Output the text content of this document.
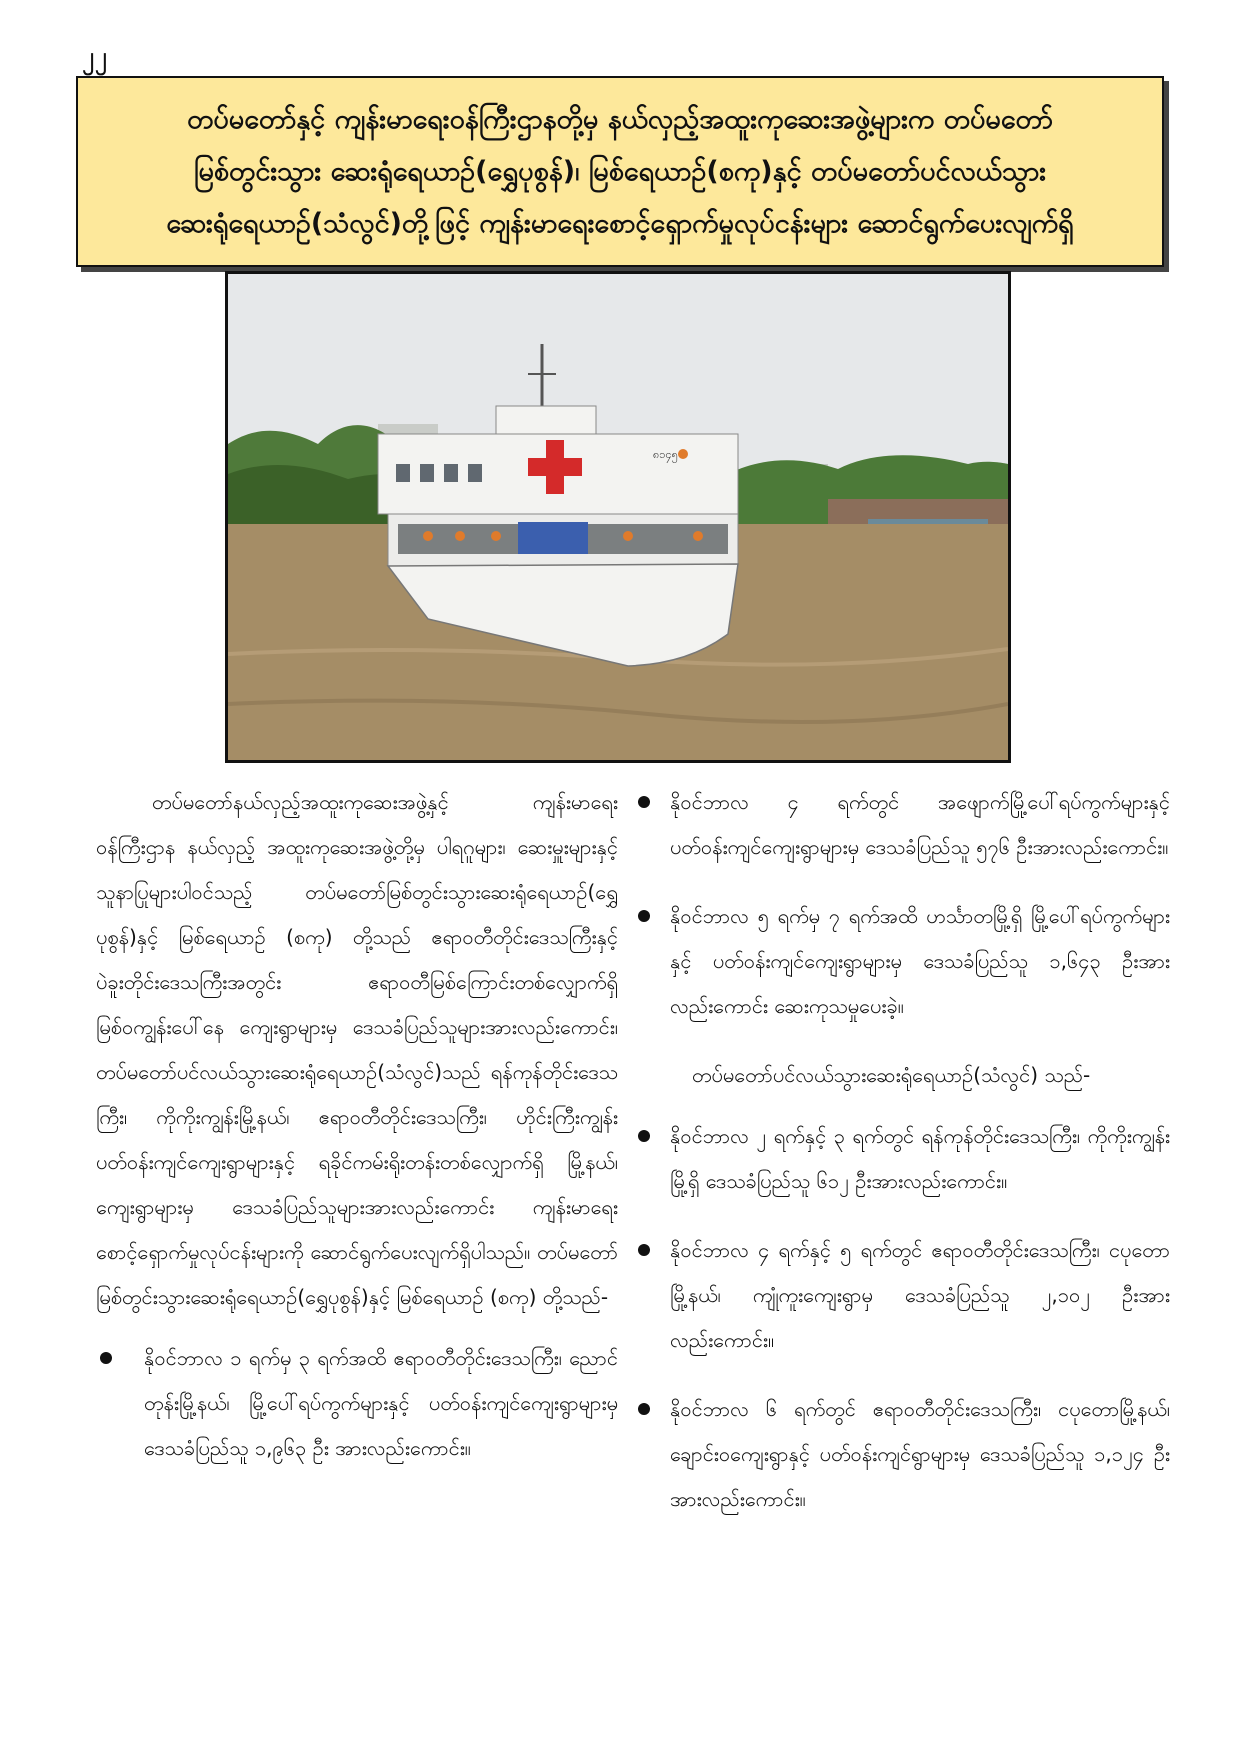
၂၂
တပ်မတော်နှင့် ကျန်းမာရေးဝန်ကြီးဌာနတို့မှ နယ်လှည့်အထူးကုဆေးအဖွဲ့များက တပ်မတော်
မြစ်တွင်းသွား ဆေးရုံရေယာဉ်(ရွှေပုစွန်)၊ မြစ်ရေယာဉ်(စကု)နှင့် တပ်မတော်ပင်လယ်သွား
ဆေးရုံရေယာဉ်(သံလွင်)တို့ဖြင့် ကျန်းမာရေးစောင့်ရှောက်မှုလုပ်ငန်းများ ဆောင်ရွက်ပေးလျက်ရှိ
၈၁၄၅

တပ်မတော်နယ်လှည့်အထူးကုဆေးအဖွဲ့နှင့် ကျန်းမာရေးဝန်ကြီးဌာန နယ်လှည့် အထူးကုဆေးအဖွဲ့တို့မှ ပါရဂူများ၊ ဆေးမှူးများနှင့် သူနာပြုများပါဝင်သည့် တပ်မတော်မြစ်တွင်းသွားဆေးရုံရေယာဉ်(ရွှေပုစွန်)နှင့် မြစ်ရေယာဉ် (စကု) တို့သည် ဧရာဝတီတိုင်းဒေသကြီးနှင့် ပဲခူးတိုင်းဒေသကြီးအတွင်း ဧရာဝတီမြစ်ကြောင်းတစ်လျှောက်ရှိ မြစ်ဝကျွန်းပေါ်နေ ကျေးရွာများမှ ဒေသခံပြည်သူများအားလည်းကောင်း၊ တပ်မတော်ပင်လယ်သွားဆေးရုံရေယာဉ်(သံလွင်)သည် ရန်ကုန်တိုင်းဒေသကြီး၊ ကိုကိုးကျွန်းမြို့နယ်၊ ဧရာဝတီတိုင်းဒေသကြီး၊ ဟိုင်းကြီးကျွန်းပတ်ဝန်းကျင်ကျေးရွာများနှင့် ရခိုင်ကမ်းရိုးတန်းတစ်လျှောက်ရှိ မြို့နယ်၊ ကျေးရွာများမှ ဒေသခံပြည်သူများအားလည်းကောင်း ကျန်းမာရေးစောင့်ရှောက်မှုလုပ်ငန်းများကို ဆောင်ရွက်ပေးလျက်ရှိပါသည်။ တပ်မတော်မြစ်တွင်းသွားဆေးရုံရေယာဉ်(ရွှေပုစွန်)နှင့် မြစ်ရေယာဉ် (စကု) တို့သည်-

နိုဝင်ဘာလ ၁ ရက်မှ ၃ ရက်အထိ ဧရာဝတီတိုင်းဒေသကြီး၊ ညောင်တုန်းမြို့နယ်၊ မြို့ပေါ်ရပ်ကွက်များနှင့် ပတ်ဝန်းကျင်ကျေးရွာများမှ ဒေသခံပြည်သူ ၁,၉၆၃ ဦး အားလည်းကောင်း။
နိုဝင်ဘာလ ၄ ရက်တွင် အဖျောက်မြို့ပေါ်ရပ်ကွက်များနှင့် ပတ်ဝန်းကျင်ကျေးရွာများမှ ဒေသခံပြည်သူ ၅၇၆ ဦးအားလည်းကောင်း။
နိုဝင်ဘာလ ၅ ရက်မှ ၇ ရက်အထိ ဟင်္သာတမြို့ရှိ မြို့ပေါ်ရပ်ကွက်များနှင့် ပတ်ဝန်းကျင်ကျေးရွာများမှ ဒေသခံပြည်သူ ၁,၆၄၃ ဦးအားလည်းကောင်း ဆေးကုသမှုပေးခဲ့။

တပ်မတော်ပင်လယ်သွားဆေးရုံရေယာဉ်(သံလွင်) သည်-

နိုဝင်ဘာလ ၂ ရက်နှင့် ၃ ရက်တွင် ရန်ကုန်တိုင်းဒေသကြီး၊ ကိုကိုးကျွန်းမြို့ရှိ ဒေသခံပြည်သူ ၆၁၂ ဦးအားလည်းကောင်း။
နိုဝင်ဘာလ ၄ ရက်နှင့် ၅ ရက်တွင် ဧရာဝတီတိုင်းဒေသကြီး၊ ငပုတောမြို့နယ်၊ ကျုံကူးကျေးရွာမှ ဒေသခံပြည်သူ ၂,၁၀၂ ဦးအားလည်းကောင်း။
နိုဝင်ဘာလ ၆ ရက်တွင် ဧရာဝတီတိုင်းဒေသကြီး၊ ငပုတောမြို့နယ်၊ ချောင်းဝကျေးရွာနှင့် ပတ်ဝန်းကျင်ရွာများမှ ဒေသခံပြည်သူ ၁,၁၂၄ ဦးအားလည်းကောင်း။
